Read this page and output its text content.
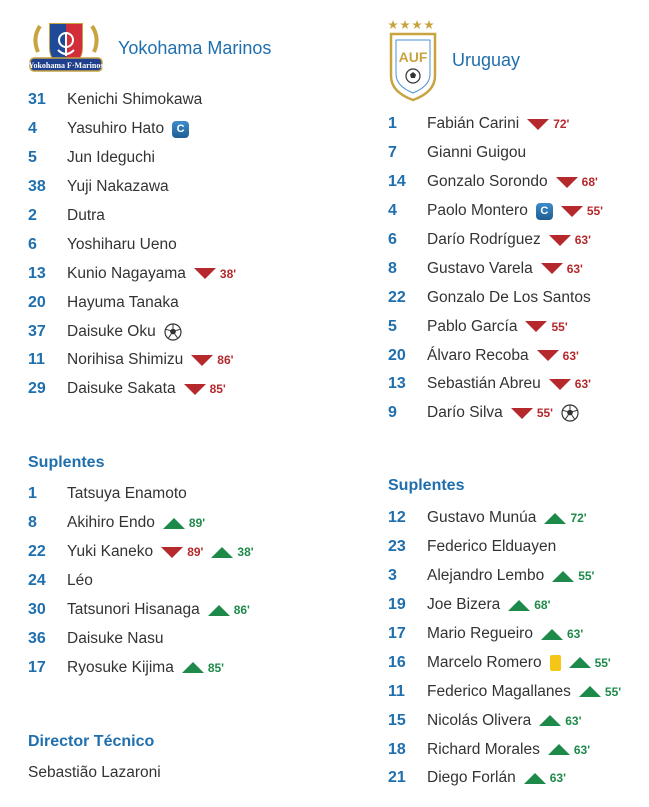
Yokohama F·Marinos
Yokohama Marinos
31	Kenichi Shimokawa
4	Yasuhiro Hato	C
5	Jun Ideguchi
38	Yuji Nakazawa
2	Dutra
6	Yoshiharu Ueno
13	Kunio Nagayama	38'
20	Hayuma Tanaka
37	Daisuke Oku
11	Norihisa Shimizu	86'
29	Daisuke Sakata	85'
Suplentes
1	Tatsuya Enamoto
8	Akihiro Endo	89'
22	Yuki Kaneko	89'	38'
24	Léo
30	Tatsunori Hisanaga	86'
36	Daisuke Nasu
17	Ryosuke Kijima	85'
Director Técnico
Sebastião Lazaroni
AUF Uruguay
1	Fabián Carini	72'
7	Gianni Guigou
14	Gonzalo Sorondo	68'
4	Paolo Montero	C	55'
6	Darío Rodríguez	63'
8	Gustavo Varela	63'
22	Gonzalo De Los Santos
5	Pablo García	55'
20	Álvaro Recoba	63'
13	Sebastián Abreu	63'
9	Darío Silva	55'
Suplentes
12	Gustavo Munúa	72'
23	Federico Elduayen
3	Alejandro Lembo	55'
19	Joe Bizera	68'
17	Mario Regueiro	63'
16	Marcelo Romero	55'
11	Federico Magallanes	55'
15	Nicolás Olivera	63'
18	Richard Morales	63'
21	Diego Forlán	63'
